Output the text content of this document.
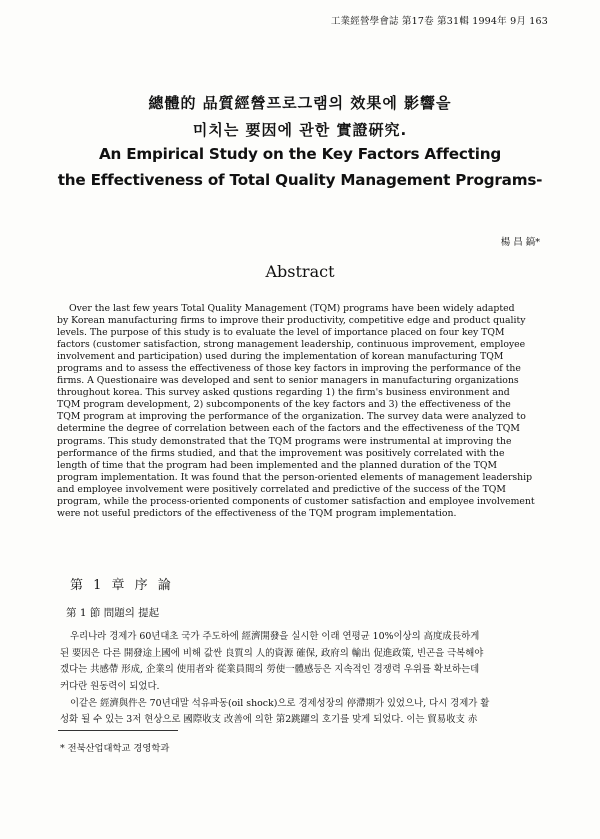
工業經營學會誌 第17卷 第31輯 1994年 9月 163
總體的 品質經營프로그램의 效果에 影響을
미치는 要因에 관한 實證硏究.
An Empirical Study on the Key Factors Affecting
the Effectiveness of Total Quality Management Programs-
楊 昌 鎬*
Abstract
Over the last few years Total Quality Management (TQM) programs have been widely adapted
by Korean manufacturing firms to improve their productivity, competitive edge and product quality
levels. The purpose of this study is to evaluate the level of importance placed on four key TQM
factors (customer satisfaction, strong management leadership, continuous improvement, employee
involvement and participation) used during the implementation of korean manufacturing TQM
programs and to assess the effectiveness of those key factors in improving the performance of the
firms. A Questionaire was developed and sent to senior managers in manufacturing organizations
throughout korea. This survey asked qustions regarding 1) the firm's business environment and
TQM program development, 2) subcomponents of the key factors and 3) the effectiveness of the
TQM program at improving the performance of the organization. The survey data were analyzed to
determine the degree of correlation between each of the factors and the effectiveness of the TQM
programs. This study demonstrated that the TQM programs were instrumental at improving the
performance of the firms studied, and that the improvement was positively correlated with the
length of time that the program had been implemented and the planned duration of the TQM
program implementation. It was found that the person-oriented elements of management leadership
and employee involvement were positively correlated and predictive of the success of the TQM
program, while the process-oriented components of customer satisfaction and employee involvement
were not useful predictors of the effectiveness of the TQM program implementation.
第 1 章 序 論
第 1 節 問題의 提起
우리나라 경제가 60년대초 국가 주도하에 經濟開發을 실시한 이래 연평균 10%이상의 高度成長하게
된 要因은 다른 開發途上國에 비해 값싼 良質의 人的資源 確保, 政府의 輸出 促進政策, 빈곤을 극복해야
겠다는 共感帶 形成, 企業의 使用者와 從業員間의 勞使一體感등은 지속적인 경쟁력 우위를 확보하는데
커다란 원동력이 되었다.
이같은 經濟與件은 70년대말 석유파동(oil shock)으로 경제성장의 停滯期가 있었으나, 다시 경제가 활
성화 될 수 있는 3저 현상으로 國際收支 改善에 의한 第2跳躍의 호기를 맞게 되었다. 이는 貿易收支 赤
* 전북산업대학교 경영학과
